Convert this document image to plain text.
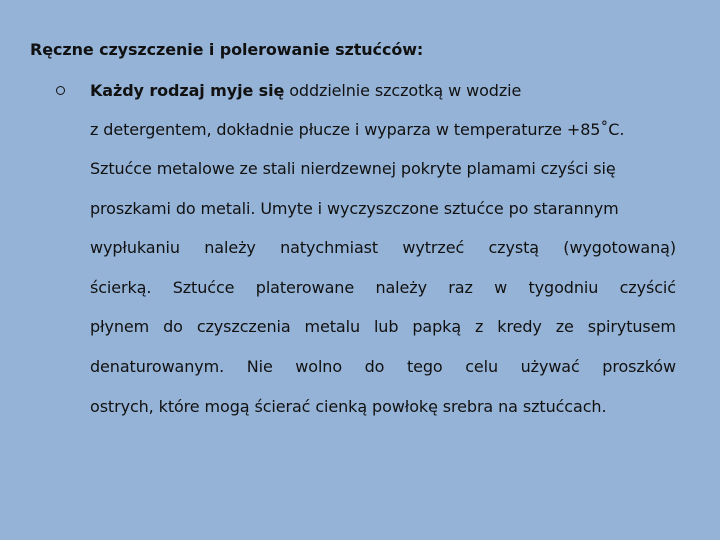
Ręczne czyszczenie i polerowanie sztućców:
Każdy rodzaj myje się oddzielnie szczotką w wodzie
z detergentem, dokładnie płucze i wyparza w temperaturze +85˚C.
Sztućce metalowe ze stali nierdzewnej pokryte plamami czyści się
proszkami do metali. Umyte i wyczyszczone sztućce po starannym
wypłukaniu należy natychmiast wytrzeć czystą (wygotowaną)
ścierką. Sztućce platerowane należy raz w tygodniu czyścić
płynem do czyszczenia metalu lub papką z kredy ze spirytusem
denaturowanym. Nie wolno do tego celu używać proszków
ostrych, które mogą ścierać cienką powłokę srebra na sztućcach.
